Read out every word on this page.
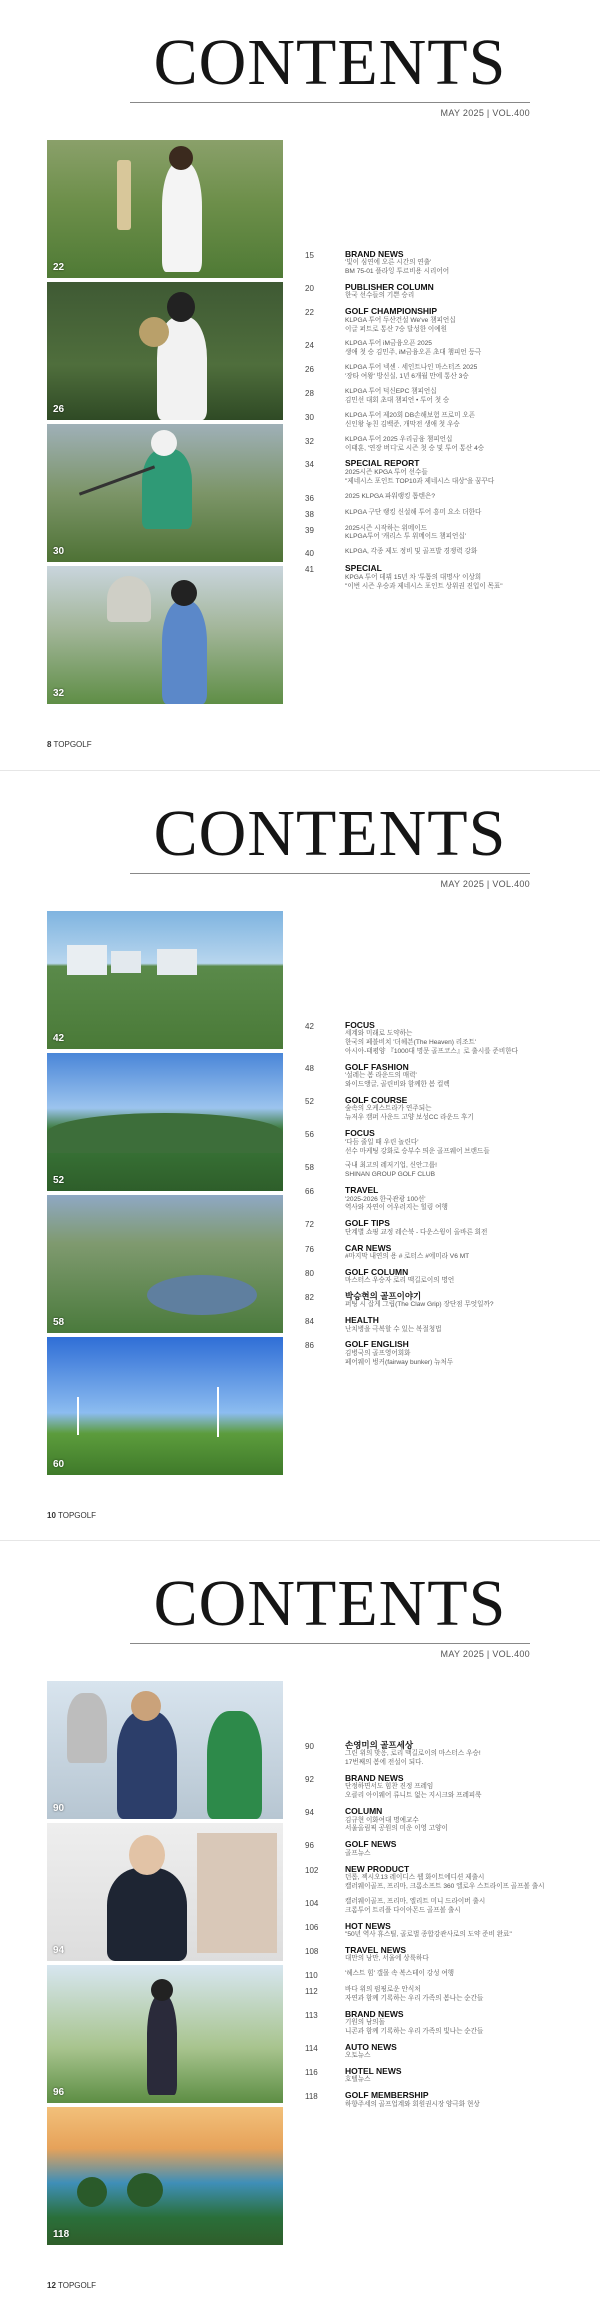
CONTENTS
MAY 2025 | VOL.400
22
26
30
32
15	BRAND NEWS
'빛이 심연에 오른 시간의 연출'
BM 75-01 플라잉 투르비용 시리어어
20	PUBLISHER COLUMN
한국 선수들의 기쁜 승리
22	GOLF CHAMPIONSHIP
KLPGA 투어 두산건설 We've 챔피언십
이글 퍼트로 통산 7승 달성한 이예원
24	KLPGA 투어 iM금융오픈 2025
생애 첫 승 김민주, iM금융오픈 초대 챔피언 등극
26	KLPGA 투어 넥센 · 세인트나인 마스터즈 2025
'장타 여왕' 방신실, 1년 6개월 만에 통산 3승
28	KLPGA 투어 덕신EPC 챔피언십
김민선 대회 초대 챔피언 • 투어 첫 승
30	KLPGA 투어 제20회 DB손해보험 프로미 오픈
신인왕 놓친 김백준, 개막전 생애 첫 우승
32	KLPGA 투어 2025 우리금융 챔피언십
이태훈, '연장 버디'로 시즌 첫 승 및 투어 통산 4승
34	SPECIAL REPORT
2025시즌 KPGA 투어 선수들
"제네시스 포인트 TOP10과 제네시스 대상"을 꿈꾸다
36	2025 KLPGA 파워랭킹 톱텐은?
38	KLPGA 구단 랭킹 신설해 투어 흥미 요소 더한다
39	2025시즌 시작하는 위메이드
KLPGA투어 '캐리스 투 위메이드 챔피언십'
40	KLPGA, 각종 제도 정비 및 골프발 경쟁력 강화
41	SPECIAL
KPGA 투어 데뷔 15년 차 '투톱의 대명사' 이상희
"이번 시즌 우승과 제네시스 포인트 상위권 진입이 목표"
8 TOPGOLF
CONTENTS
MAY 2025 | VOL.400
42
52
58
60
42	FOCUS
세계와 미래로 도약하는
한국의 페블비치 '더헤븐(The Heaven) 리조트'
아시아-태평양 『1000대 명문 골프코스』로 출시를 준비한다
48	GOLF FASHION
'설레는 봄 라운드의 매력'
와이드앵글, 골린비와 함께한 봄 컬렉
52	GOLF COURSE
숲속의 오케스트라가 연주되는
뉴저우 캠퍼 사운드 고양 보성CC 라운드 후기
56	FOCUS
'다듬 줄일 때 우린 놀린다'
선수 마케팅 강화로 승부수 띄운 골프웨어 브랜드들
58	국내 최고의 레저기업, 신안그룹!
SHINAN GROUP GOLF CLUB
66	TRAVEL
'2025-2026 한국관광 100선'
역사와 자연이 어우러지는 힐링 여행
72	GOLF TIPS
단계별 쇼핑 교정 레슨북 - 다운스윙이 올바른 회전
76	CAR NEWS
#마지막 내연의 용 # 로터스 #에미라 V6 MT
80	GOLF COLUMN
마스터스 우승자 로리 맥길로이의 명언
82	박승현의 골프이야기
퍼팅 시 잡게 그립(The Claw Grip) 장단점 무엇일까?
84	HEALTH
난치병을 극복할 수 있는 복절청법
86	GOLF ENGLISH
김병국의 골프영어회화
페어웨이 벙커(fairway bunker) 뉴처두
10 TOPGOLF
CONTENTS
MAY 2025 | VOL.400
90
94
96
118
90	손영미의 골프세상
그린 위의 맞응, 로리 맥길로이의 마스터스 우승!
17번째의 봄에 전설이 되다.
92	BRAND NEWS
단정하면서도 힘찬 진정 프레임
오클리 아이웨어 류니트 없는 지시크와 프레피룩
94	COLUMN
김규현 이화여대 명예교수
서울올림픽 공원의 미운 이영 고양이
96	GOLF NEWS
골프뉴스
102	NEW PRODUCT
던롭, 젝시오13 레이디스 웹 화이트에디션 제출시
캘러웨이골프, 프리마, 크롬소프트 360 엘로우 스트라이프 골프볼 출시
104	캘러웨이골프, 프리마, 엘리트 미니 드라이버 출시
크롬투어 트리플 다이아몬드 골프볼 출시
106	HOT NEWS
"50년 역사 휴스틸, 골로벌 종합강관사로의 도약 준비 완료"
108	TRAVEL NEWS
대만의 낭만, 서울에 상륙하다
110	'헤스트 힘' 갤몰 속 복스테이 강성 여행
112	바다 위의 펌핑로운 안식처
자연과 함께 기록하는 우리 가족의 봄나는 순간들
113	BRAND NEWS
기원의 남의돌
니콘과 함께 기록하는 우리 가족의 빛나는 순간들
114	AUTO NEWS
오토뉴스
116	HOTEL NEWS
호텔뉴스
118	GOLF MEMBERSHIP
하향주세의 골프업계와 회원권시장 양극화 현상
12 TOPGOLF
